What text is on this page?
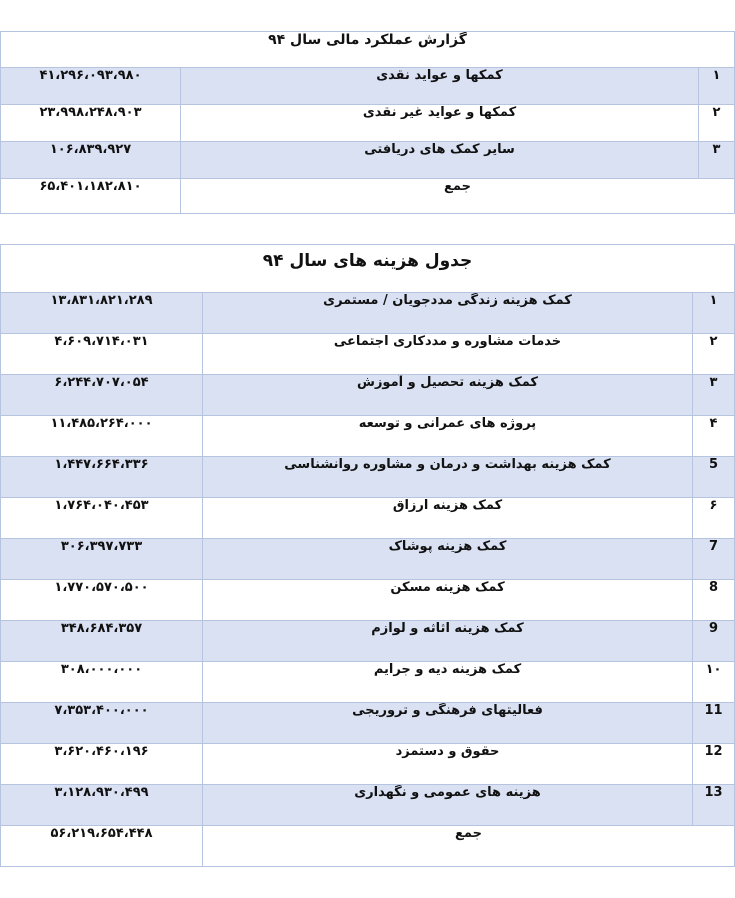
گزارش عملکرد مالی سال ۹۴		
۴۱،۲۹۶،۰۹۳،۹۸۰	کمکها و عواید نقدی	۱
۲۳،۹۹۸،۲۴۸،۹۰۳	کمکها و عواید غیر نقدی	۲
۱۰۶،۸۳۹،۹۲۷	سایر کمک های دریافتی	۳
۶۵،۴۰۱،۱۸۲،۸۱۰	جمع	
جدول هزینه های سال ۹۴		
۱۳،۸۳۱،۸۲۱،۲۸۹	کمک هزینه زندگی مددجویان / مستمری	۱
۴،۶۰۹،۷۱۴،۰۳۱	خدمات مشاوره و مددکاری اجتماعی	۲
۶،۲۴۴،۷۰۷،۰۵۴	کمک هزینه تحصیل و آموزش	۳
۱۱،۴۸۵،۲۶۴،۰۰۰	پروژه های عمرانی و توسعه	۴
۱،۴۴۷،۶۶۴،۳۳۶	کمک هزینه بهداشت و درمان و مشاوره روانشناسی	5
۱،۷۶۴،۰۴۰،۴۵۳	کمک هزینه ارزاق	۶
۳۰۶،۳۹۷،۷۳۳	کمک هزینه پوشاک	7
۱،۷۷۰،۵۷۰،۵۰۰	کمک هزینه مسکن	8
۳۴۸،۶۸۴،۳۵۷	کمک هزینه اثاثه و لوازم	9
۳۰۸،۰۰۰،۰۰۰	کمک هزینه دیه و جرایم	۱۰
۷،۳۵۳،۴۰۰،۰۰۰	فعالیتهای فرهنگی و تروریجی	11
۳،۶۲۰،۴۶۰،۱۹۶	حقوق و دستمزد	12
۳،۱۲۸،۹۳۰،۴۹۹	هزینه های عمومی و نگهداری	13
۵۶،۲۱۹،۶۵۴،۴۴۸	جمع	
